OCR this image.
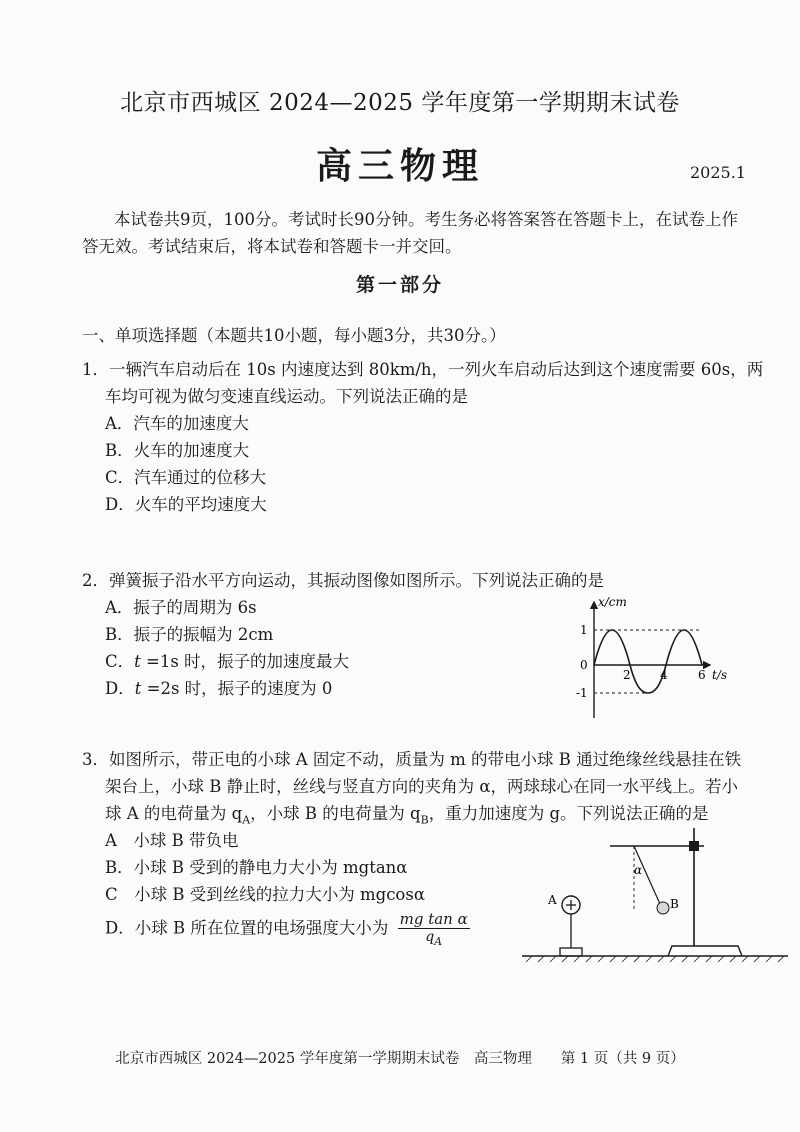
北京市西城区 2024—2025 学年度第一学期期末试卷
高三物理	2025.1
本试卷共9页，100分。考试时长90分钟。考生务必将答案答在答题卡上，在试卷上作
答无效。考试结束后，将本试卷和答题卡一并交回。
第一部分
一、单项选择题（本题共10小题，每小题3分，共30分。）
1．一辆汽车启动后在 10s 内速度达到 80km/h，一列火车启动后达到这个速度需要 60s，两
车均可视为做匀变速直线运动。下列说法正确的是
A．汽车的加速度大
B．火车的加速度大
C．汽车通过的位移大
D．火车的平均速度大
2．弹簧振子沿水平方向运动，其振动图像如图所示。下列说法正确的是
A．振子的周期为 6s
B．振子的振幅为 2cm
C．t =1s 时，振子的加速度最大
D．t =2s 时，振子的速度为 0
x/cm
t/s
1
-1
0
2 4	6
3．如图所示，带正电的小球 A 固定不动，质量为 m 的带电小球 B 通过绝缘丝线悬挂在铁
架台上，小球 B 静止时，丝线与竖直方向的夹角为 α，两球球心在同一水平线上。若小
球 A 的电荷量为 $q_A$，小球 B 的电荷量为 $q_B$，重力加速度为 g。下列说法正确的是
A　小球 B 带负电
B．小球 B 受到的静电力大小为 mgtanα
C　小球 B 受到丝线的拉力大小为 mgcosα
D．小球 B 所在位置的电场强度大小为 $\frac{\text{mg tan α}}{q_A}$
A	B
α
北京市西城区 2024—2025 学年度第一学期期末试卷　高三物理　　第 1 页（共 9 页）
